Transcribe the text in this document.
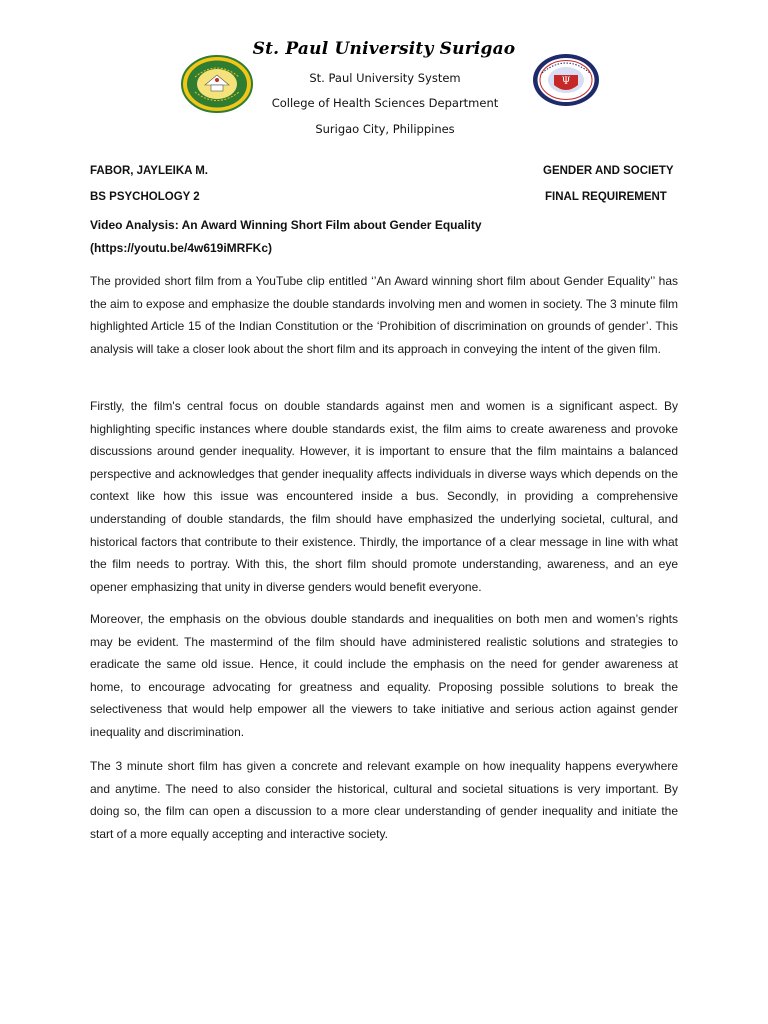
Ψ
St. Paul University Surigao
St. Paul University System
College of Health Sciences Department
Surigao City, Philippines
FABOR, JAYLEIKA M.
BS PSYCHOLOGY 2
GENDER AND SOCIETY
FINAL REQUIREMENT
Video Analysis: An Award Winning Short Film about Gender Equality
(https://youtu.be/4w619iMRFKc)

The provided short film from a YouTube clip entitled ‘’An Award winning short film about Gender Equality’’ has the aim to expose and emphasize the double standards involving men and women in society. The 3 minute film highlighted Article 15 of the Indian Constitution or the ‘Prohibition of discrimination on grounds of gender’. This analysis will take a closer look about the short film and its approach in conveying the intent of the given film.

Firstly, the film's central focus on double standards against men and women is a significant aspect. By highlighting specific instances where double standards exist, the film aims to create awareness and provoke discussions around gender inequality. However, it is important to ensure that the film maintains a balanced perspective and acknowledges that gender inequality affects individuals in diverse ways which depends on the context like how this issue was encountered inside a bus. Secondly, in providing a comprehensive understanding of double standards, the film should have emphasized the underlying societal, cultural, and historical factors that contribute to their existence. Thirdly, the importance of a clear message in line with what the film needs to portray. With this, the short film should promote understanding, awareness, and an eye opener emphasizing that unity in diverse genders would benefit everyone.

Moreover, the emphasis on the obvious double standards and inequalities on both men and women’s rights may be evident. The mastermind of the film should have administered realistic solutions and strategies to eradicate the same old issue. Hence, it could include the emphasis on the need for gender awareness at home, to encourage advocating for greatness and equality. Proposing possible solutions to break the selectiveness that would help empower all the viewers to take initiative and serious action against gender inequality and discrimination.

The 3 minute short film has given a concrete and relevant example on how inequality happens everywhere and anytime. The need to also consider the historical, cultural and societal situations is very important. By doing so, the film can open a discussion to a more clear understanding of gender inequality and initiate the start of a more equally accepting and interactive society.
